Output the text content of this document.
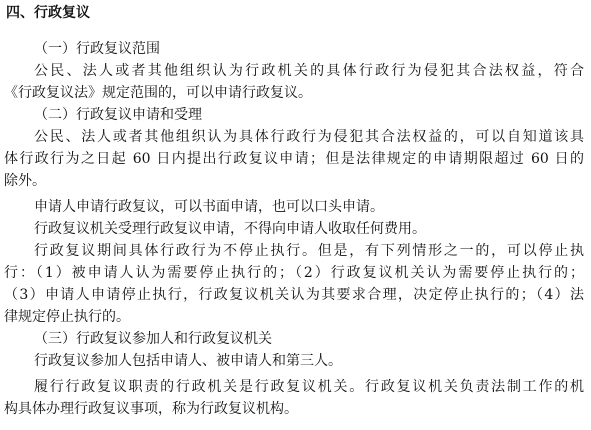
四、行政复议
（一）行政复议范围
公民、法人或者其他组织认为行政机关的具体行政行为侵犯其合法权益，符合
《行政复议法》规定范围的，可以申请行政复议。
（二）行政复议申请和受理
公民、法人或者其他组织认为具体行政行为侵犯其合法权益的，可以自知道该具
体行政行为之日起 60 日内提出行政复议申请；但是法律规定的申请期限超过 60 日的
除外。
申请人申请行政复议，可以书面申请，也可以口头申请。
行政复议机关受理行政复议申请，不得向申请人收取任何费用。
行政复议期间具体行政行为不停止执行。但是，有下列情形之一的，可以停止执
行：（1）被申请人认为需要停止执行的；（2）行政复议机关认为需要停止执行的；
（3）申请人申请停止执行，行政复议机关认为其要求合理，决定停止执行的；（4）法
律规定停止执行的。
（三）行政复议参加人和行政复议机关
行政复议参加人包括申请人、被申请人和第三人。
履行行政复议职责的行政机关是行政复议机关。行政复议机关负责法制工作的机
构具体办理行政复议事项，称为行政复议机构。
